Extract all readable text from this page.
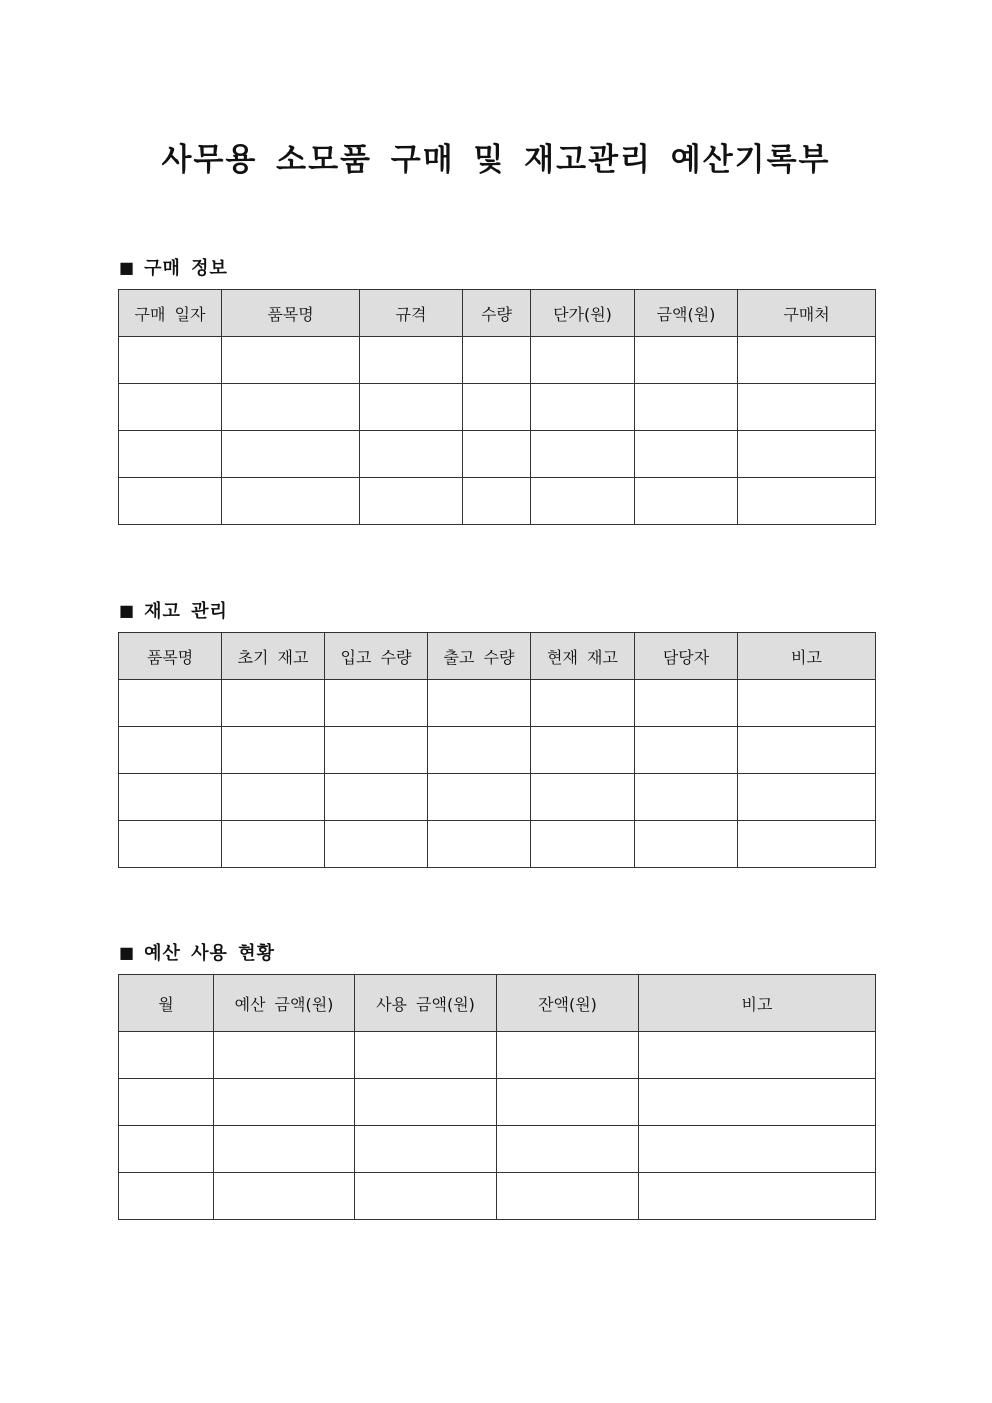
사무용 소모품 구매 및 재고관리 예산기록부
■ 구매 정보
구매 일자	품목명	규격	수량	단가(원)	금액(원)	구매처

■ 재고 관리
품목명	초기 재고	입고 수량	출고 수량	현재 재고	담당자	비고

■ 예산 사용 현황
월	예산 금액(원)	사용 금액(원)	잔액(원)	비고
